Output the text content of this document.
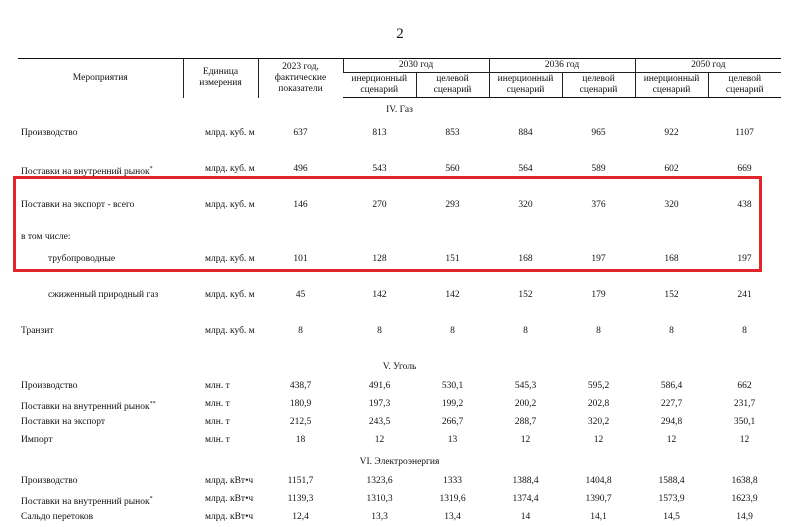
2
Мероприятия	Единица измерения	2023 год, фактические показатели	2030 год		2036 год		2050 год	
			инерционный сценарий	целевой сценарий	инерционный сценарий	целевой сценарий	инерционный сценарий	целевой сценарий
IV. Газ								
Производство	млрд. куб. м	637	813	853	884	965	922	1107
Поставки на внутренний рынок*	млрд. куб. м	496	543	560	564	589	602	669
Поставки на экспорт - всего	млрд. куб. м	146	270	293	320	376	320	438
в том числе:								
трубопроводные	млрд. куб. м	101	128	151	168	197	168	197
сжиженный природный газ	млрд. куб. м	45	142	142	152	179	152	241
Транзит	млрд. куб. м	8	8	8	8	8	8	8
V. Уголь								
Производство	млн. т	438,7	491,6	530,1	545,3	595,2	586,4	662
Поставки на внутренний рынок**	млн. т	180,9	197,3	199,2	200,2	202,8	227,7	231,7
Поставки на экспорт	млн. т	212,5	243,5	266,7	288,7	320,2	294,8	350,1
Импорт	млн. т	18	12	13	12	12	12	12
VI. Электроэнергия								
Производство	млрд. кВт•ч	1151,7	1323,6	1333	1388,4	1404,8	1588,4	1638,8
Поставки на внутренний рынок*	млрд. кВт•ч	1139,3	1310,3	1319,6	1374,4	1390,7	1573,9	1623,9
Сальдо перетоков	млрд. кВт•ч	12,4	13,3	13,4	14	14,1	14,5	14,9
